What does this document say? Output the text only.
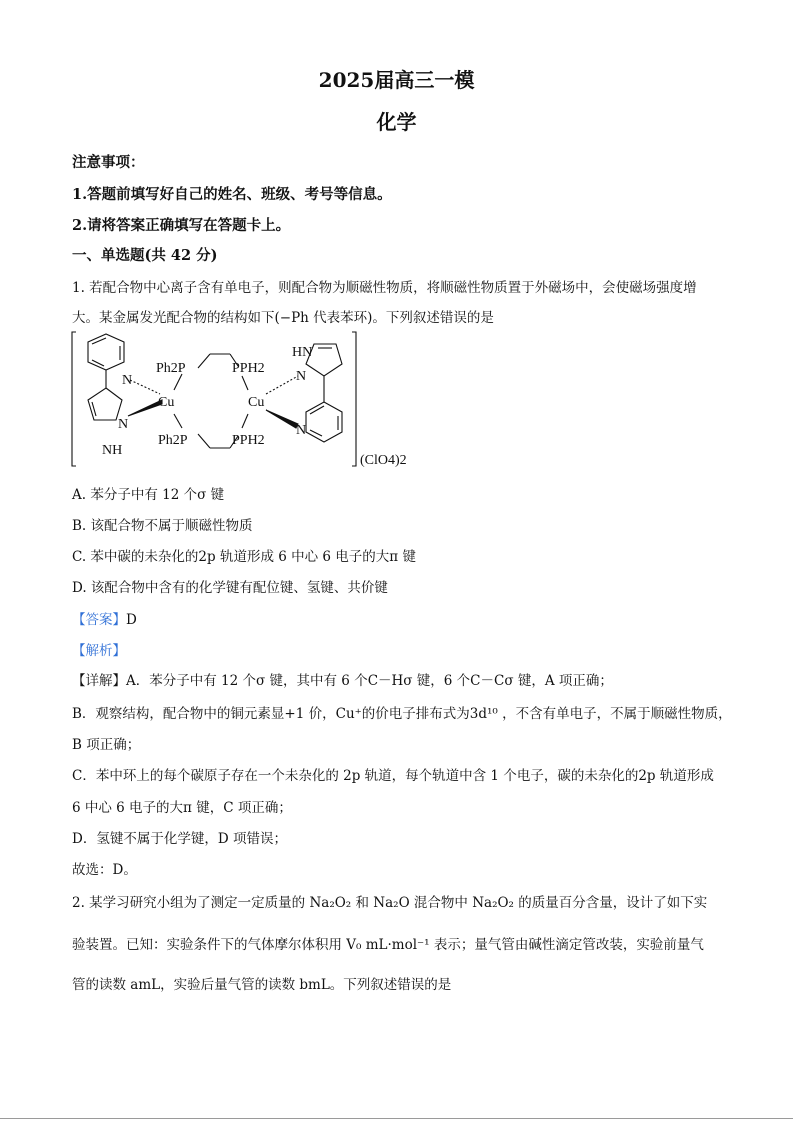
2025届高三一模
化学
注意事项：
1.答题前填写好自己的姓名、班级、考号等信息。
2.请将答案正确填写在答题卡上。
一、单选题(共 42 分)
1. 若配合物中心离子含有单电子，则配合物为顺磁性物质，将顺磁性物质置于外磁场中，会使磁场强度增
大。某金属发光配合物的结构如下(−Ph 代表苯环)。下列叙述错误的是
N
N
NH
Cu
Ph2P
Ph2P
PPH2
PPH2
Cu
HN
N
N
(ClO4)2
A. 苯分子中有 12 个σ 键
B. 该配合物不属于顺磁性物质
C. 苯中碳的未杂化的2p 轨道形成 6 中心 6 电子的大π 键
D. 该配合物中含有的化学键有配位键、氢键、共价键
【答案】D
【解析】
【详解】A．苯分子中有 12 个σ 键，其中有 6 个C－Hσ 键，6 个C－Cσ 键，A 项正确；
B．观察结构，配合物中的铜元素显+1 价，Cu⁺的价电子排布式为3d¹⁰ ，不含有单电子，不属于顺磁性物质，
B 项正确；
C．苯中环上的每个碳原子存在一个未杂化的 2p 轨道，每个轨道中含 1 个电子，碳的未杂化的2p 轨道形成
6 中心 6 电子的大π 键，C 项正确；
D．氢键不属于化学键，D 项错误；
故选：D。
2. 某学习研究小组为了测定一定质量的 Na₂O₂ 和 Na₂O 混合物中 Na₂O₂ 的质量百分含量，设计了如下实
验装置。已知：实验条件下的气体摩尔体积用 V₀ mL·mol⁻¹ 表示；量气管由碱性滴定管改装，实验前量气
管的读数 amL，实验后量气管的读数 bmL。下列叙述错误的是
